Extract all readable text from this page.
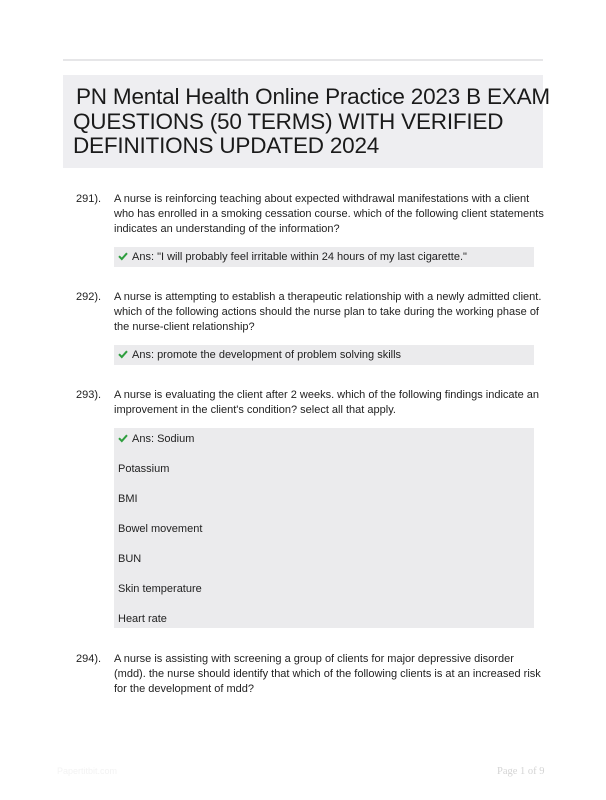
PN Mental Health Online Practice 2023 B EXAM
QUESTIONS (50 TERMS) WITH VERIFIED
DEFINITIONS UPDATED 2024
291). A nurse is reinforcing teaching about expected withdrawal manifestations with a client
who has enrolled in a smoking cessation course. which of the following client statements
indicates an understanding of the information?

Ans: "I will probably feel irritable within 24 hours of my last cigarette."
292). A nurse is attempting to establish a therapeutic relationship with a newly admitted client.
which of the following actions should the nurse plan to take during the working phase of
the nurse-client relationship?

Ans: promote the development of problem solving skills
293). A nurse is evaluating the client after 2 weeks. which of the following findings indicate an
improvement in the client's condition? select all that apply.

Ans: Sodium
Potassium
BMI
Bowel movement
BUN
Skin temperature
Heart rate
294). A nurse is assisting with screening a group of clients for major depressive disorder
(mdd). the nurse should identify that which of the following clients is at an increased risk
for the development of mdd?

Papertitbit.com	Page 1 of 9
